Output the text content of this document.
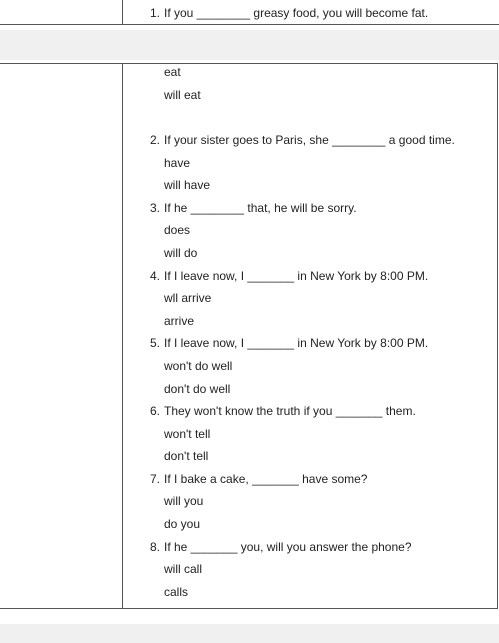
1. If you ________ greasy food, you will become fat.
eat
will eat
2. If your sister goes to Paris, she ________ a good time.
have
will have
3. If he ________ that, he will be sorry.
does
will do
4. If I leave now, I _______ in New York by 8:00 PM.
wll arrive
arrive
5. If I leave now, I _______ in New York by 8:00 PM.
won't do well
don't do well
6. They won't know the truth if you _______ them.
won't tell
don't tell
7. If I bake a cake, _______ have some?
will you
do you
8. If he _______ you, will you answer the phone?
will call
calls
